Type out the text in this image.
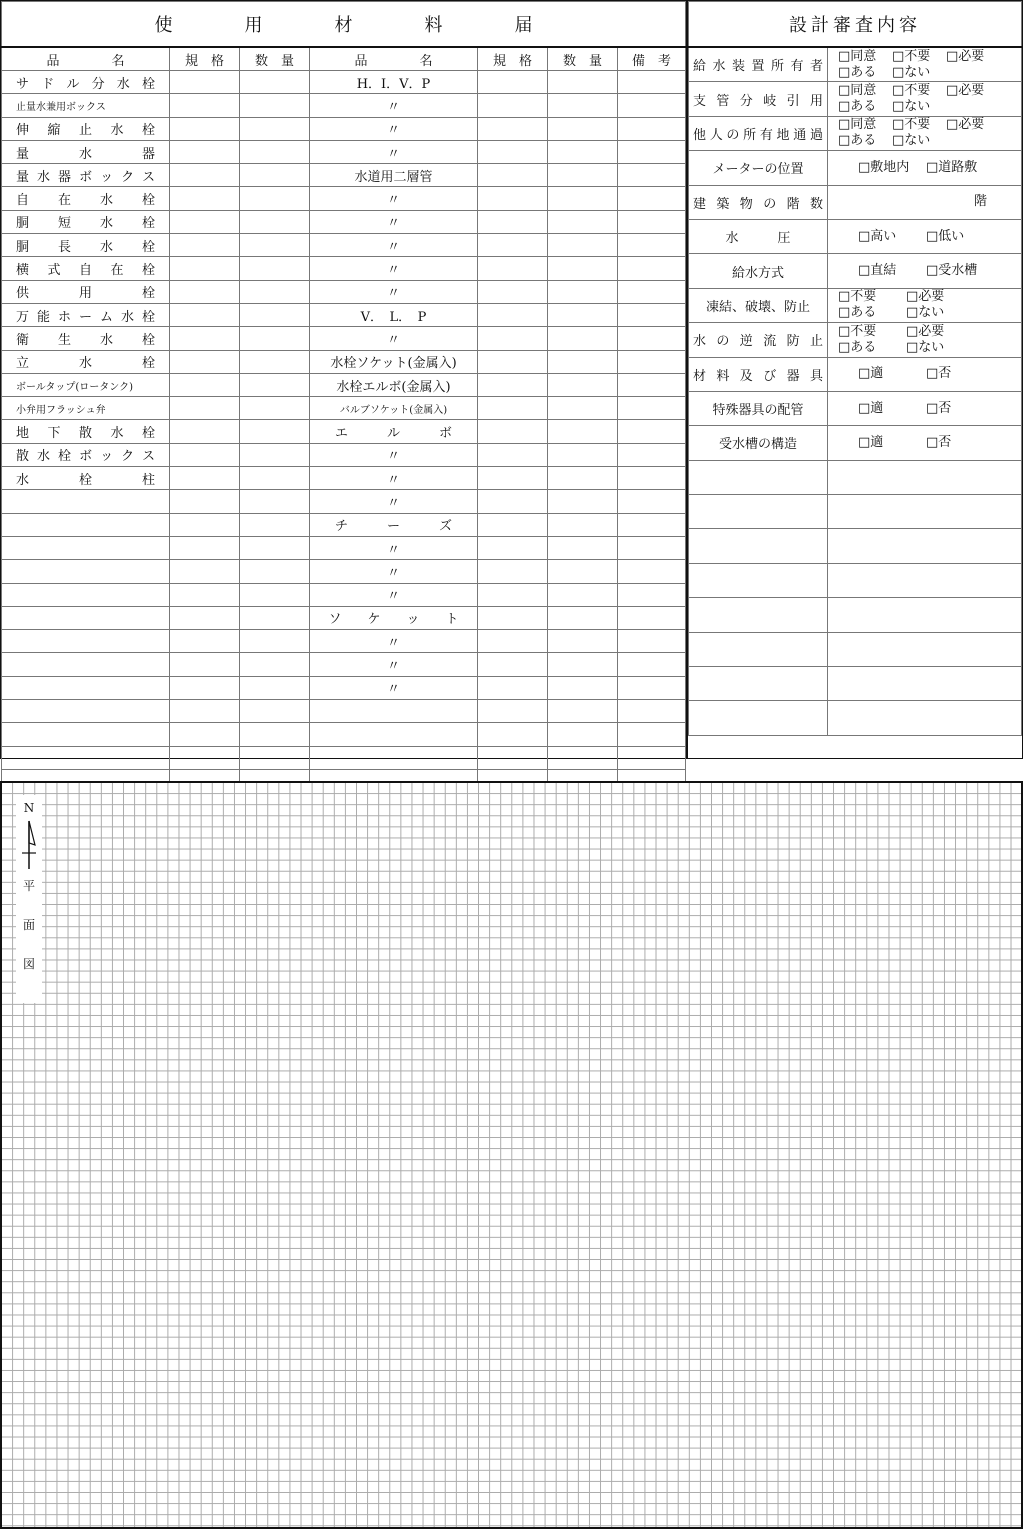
使　　　　用　　　　材　　　　料　　　　届						
品　　　　名	規　格	数　量	品　　　　名	規　格	数　量	備　考
サドル分水栓			H．I．V．P			
止量水兼用ボックス			〃			
伸縮止水栓			〃			
量水器			〃			
量水器ボックス			水道用二層管			
自在水栓			〃			
胴短水栓			〃			
胴長水栓			〃			
横式自在栓			〃			
供用栓			〃			
万能ホーム水栓			V．　L．　P			
衛生水栓			〃			
立水栓			水栓ソケット(金属入)			
ボールタップ(ロータンク)			水栓エルボ(金属入)			
小弁用フラッシュ弁			バルブソケット(金属入)			
地下散水栓			エ　　　ル　　　ボ			
散水栓ボックス			〃			
水栓柱			〃			
			〃			
			チ　　　ー　　　ズ			
			〃			
			〃			
			〃			
			ソ　　ケ　　ッ　　ト			
			〃			
			〃			
			〃			

設計審査内容	
給水装置所有者	□同意 □不要 □必要
□ある □ない

支管分岐引用	□同意 □不要 □必要
□ある □ない

他人の所有地通過	□同意 □不要 □必要
□ある □ない

メーターの位置	□敷地内 □道路敷

建築物の階数	階

水　　　圧	□高い □低い

給水方式	□直結 □受水槽

凍結、破壊、防止	□不要 □必要
□ある □ない

水の逆流防止	□不要 □必要
□ある □ない

材料及び器具	□適 □否

特殊器具の配管	□適 □否

受水槽の構造	□適 □否

N
平
面
図
